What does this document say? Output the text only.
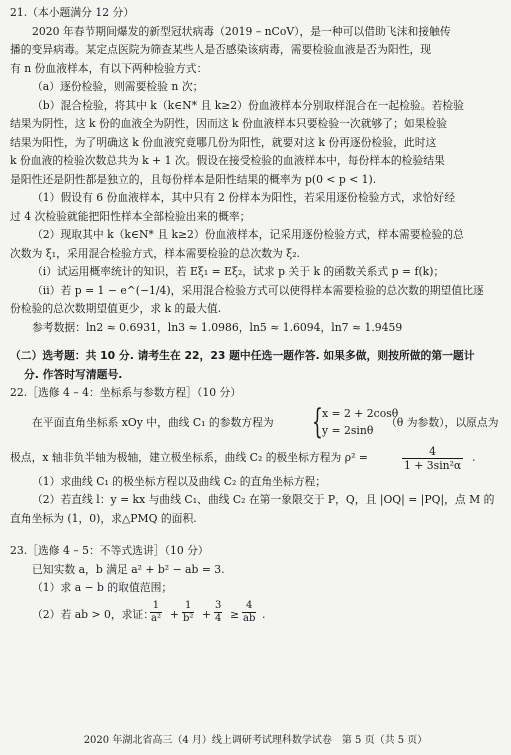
21.（本小题满分 12 分）
2020 年春节期间爆发的新型冠状病毒（2019 – nCoV），是一种可以借助飞沫和接触传
播的变异病毒。某定点医院为筛查某些人是否感染该病毒，需要检验血液是否为阳性，现
有 n 份血液样本，有以下两种检验方式：
（a）逐份检验，则需要检验 n 次；
（b）混合检验，将其中 k（k∈N* 且 k≥2）份血液样本分别取样混合在一起检验。若检验
结果为阴性，这 k 份的血液全为阴性，因而这 k 份血液样本只要检验一次就够了；如果检验
结果为阳性，为了明确这 k 份血液究竟哪几份为阳性，就要对这 k 份再逐份检验，此时这
k 份血液的检验次数总共为 k + 1 次。假设在接受检验的血液样本中，每份样本的检验结果
是阳性还是阴性都是独立的，且每份样本是阳性结果的概率为 p(0 < p < 1).
（1）假设有 6 份血液样本，其中只有 2 份样本为阳性，若采用逐份检验方式，求恰好经
过 4 次检验就能把阳性样本全部检验出来的概率；
（2）现取其中 k（k∈N* 且 k≥2）份血液样本，记采用逐份检验方式，样本需要检验的总
次数为 ξ₁，采用混合检验方式，样本需要检验的总次数为 ξ₂.
（i）试运用概率统计的知识，若 Eξ₁ = Eξ₂，试求 p 关于 k 的函数关系式 p = f(k)；
（ii）若 p = 1 − e^(−1/4)，采用混合检验方式可以使得样本需要检验的总次数的期望值比逐
份检验的总次数期望值更少，求 k 的最大值.
参考数据：ln2 ≈ 0.6931，ln3 ≈ 1.0986，ln5 ≈ 1.6094，ln7 ≈ 1.9459
（二）选考题：共 10 分. 请考生在 22，23 题中任选一题作答. 如果多做，则按所做的第一题计
分. 作答时写清题号.
22.［选修 4 – 4：坐标系与参数方程］（10 分）
在平面直角坐标系 xOy 中，曲线 C₁ 的参数方程为 { x = 2 + 2cosθ
y = 2sinθ
（θ 为参数），以原点为
极点，x 轴非负半轴为极轴，建立极坐标系，曲线 C₂ 的极坐标方程为 ρ² =	$\frac{4}{\text{1 + 3sin²α}}$ .
（1）求曲线 C₁ 的极坐标方程以及曲线 C₂ 的直角坐标方程；
（2）若直线 l：y = kx 与曲线 C₁、曲线 C₂ 在第一象限交于 P，Q，且 |OQ| = |PQ|，点 M 的
直角坐标为 (1，0)，求△PMQ 的面积.
23.［选修 4 – 5：不等式选讲］（10 分）
已知实数 a，b 满足 a² + b² − ab = 3.
（1）求 a − b 的取值范围；
（2）若 ab > 0，求证：
$\frac{1}{\text{a²}} + \frac{1}{\text{b²}} + \frac{3}{4} \ge \frac{4}{ab}$ .
2020 年湖北省高三（4 月）线上调研考试理科数学试卷　第 5 页（共 5 页）
